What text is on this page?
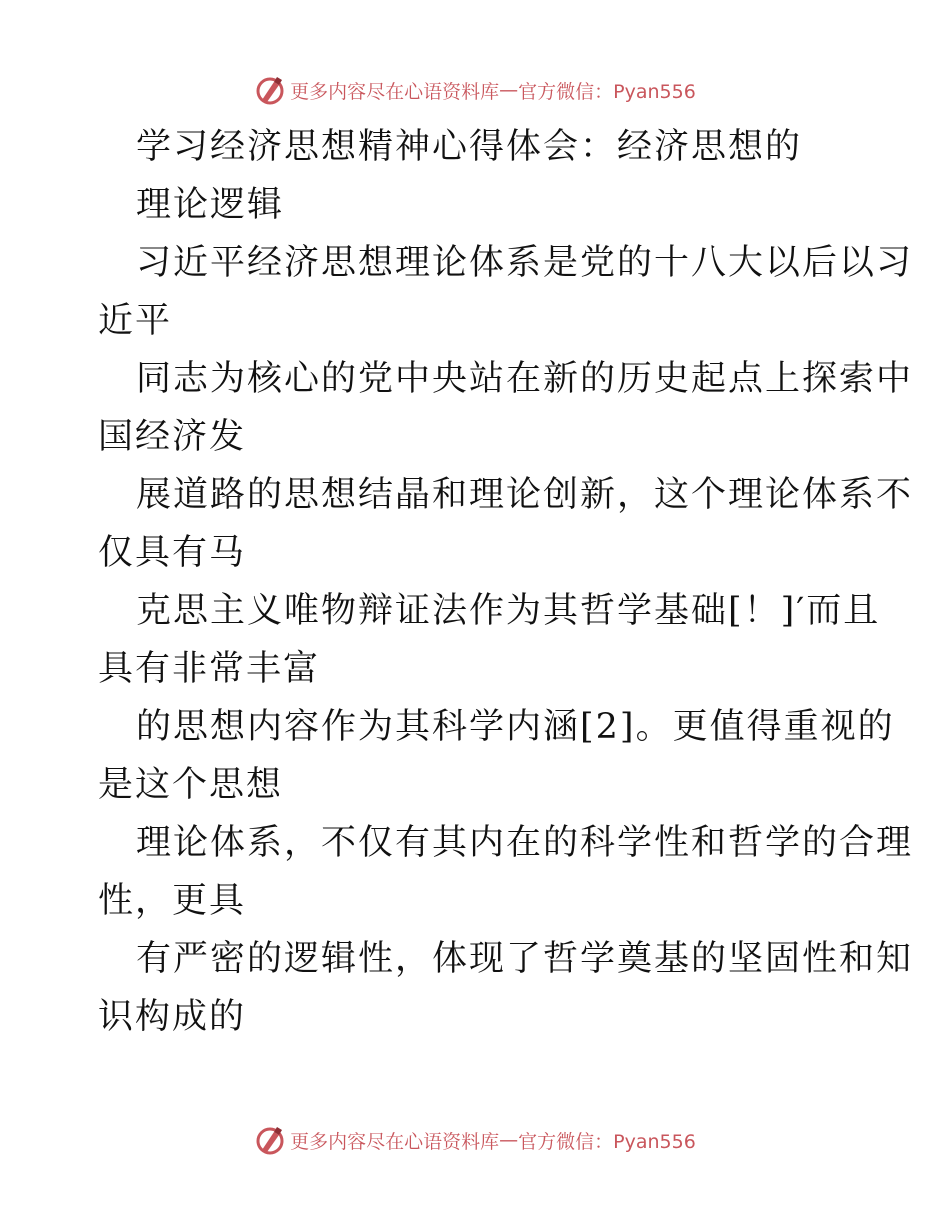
更多内容尽在心语资料库 — 官方微信：Pyan556
学习经济思想精神心得体会：经济思想的
理论逻辑
习近平经济思想理论体系是党的十八大以后以习
近平
同志为核心的党中央站在新的历史起点上探索中
国经济发
展道路的思想结晶和理论创新，这个理论体系不
仅具有马
克思主义唯物辩证法作为其哲学基础[！]′而且
具有非常丰富
的思想内容作为其科学内涵[2]。更值得重视的
是这个思想
理论体系，不仅有其内在的科学性和哲学的合理
性，更具
有严密的逻辑性，体现了哲学奠基的坚固性和知
识构成的
更多内容尽在心语资料库 — 官方微信：Pyan556
